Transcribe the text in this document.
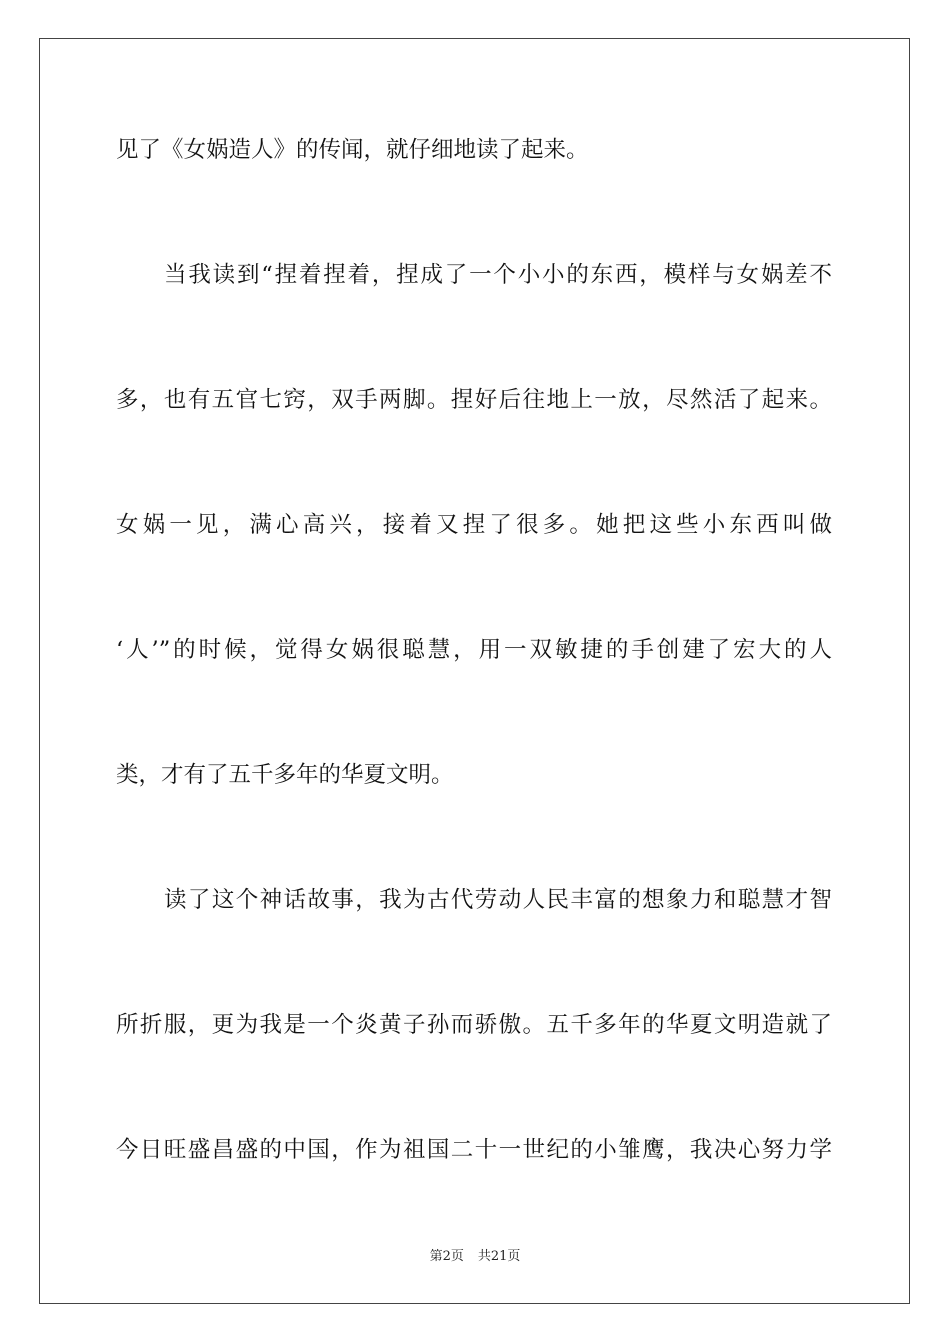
见了《女娲造人》的传闻，就仔细地读了起来。
当我读到“捏着捏着，捏成了一个小小的东西，模样与女娲差不
多，也有五官七窍，双手两脚。捏好后往地上一放，尽然活了起来。
女娲一见，满心高兴，接着又捏了很多。她把这些小东西叫做
‘人’”的时候，觉得女娲很聪慧，用一双敏捷的手创建了宏大的人
类，才有了五千多年的华夏文明。
读了这个神话故事，我为古代劳动人民丰富的想象力和聪慧才智
所折服，更为我是一个炎黄子孙而骄傲。五千多年的华夏文明造就了
今日旺盛昌盛的中国，作为祖国二十一世纪的小雏鹰，我决心努力学
第2页 共21页
